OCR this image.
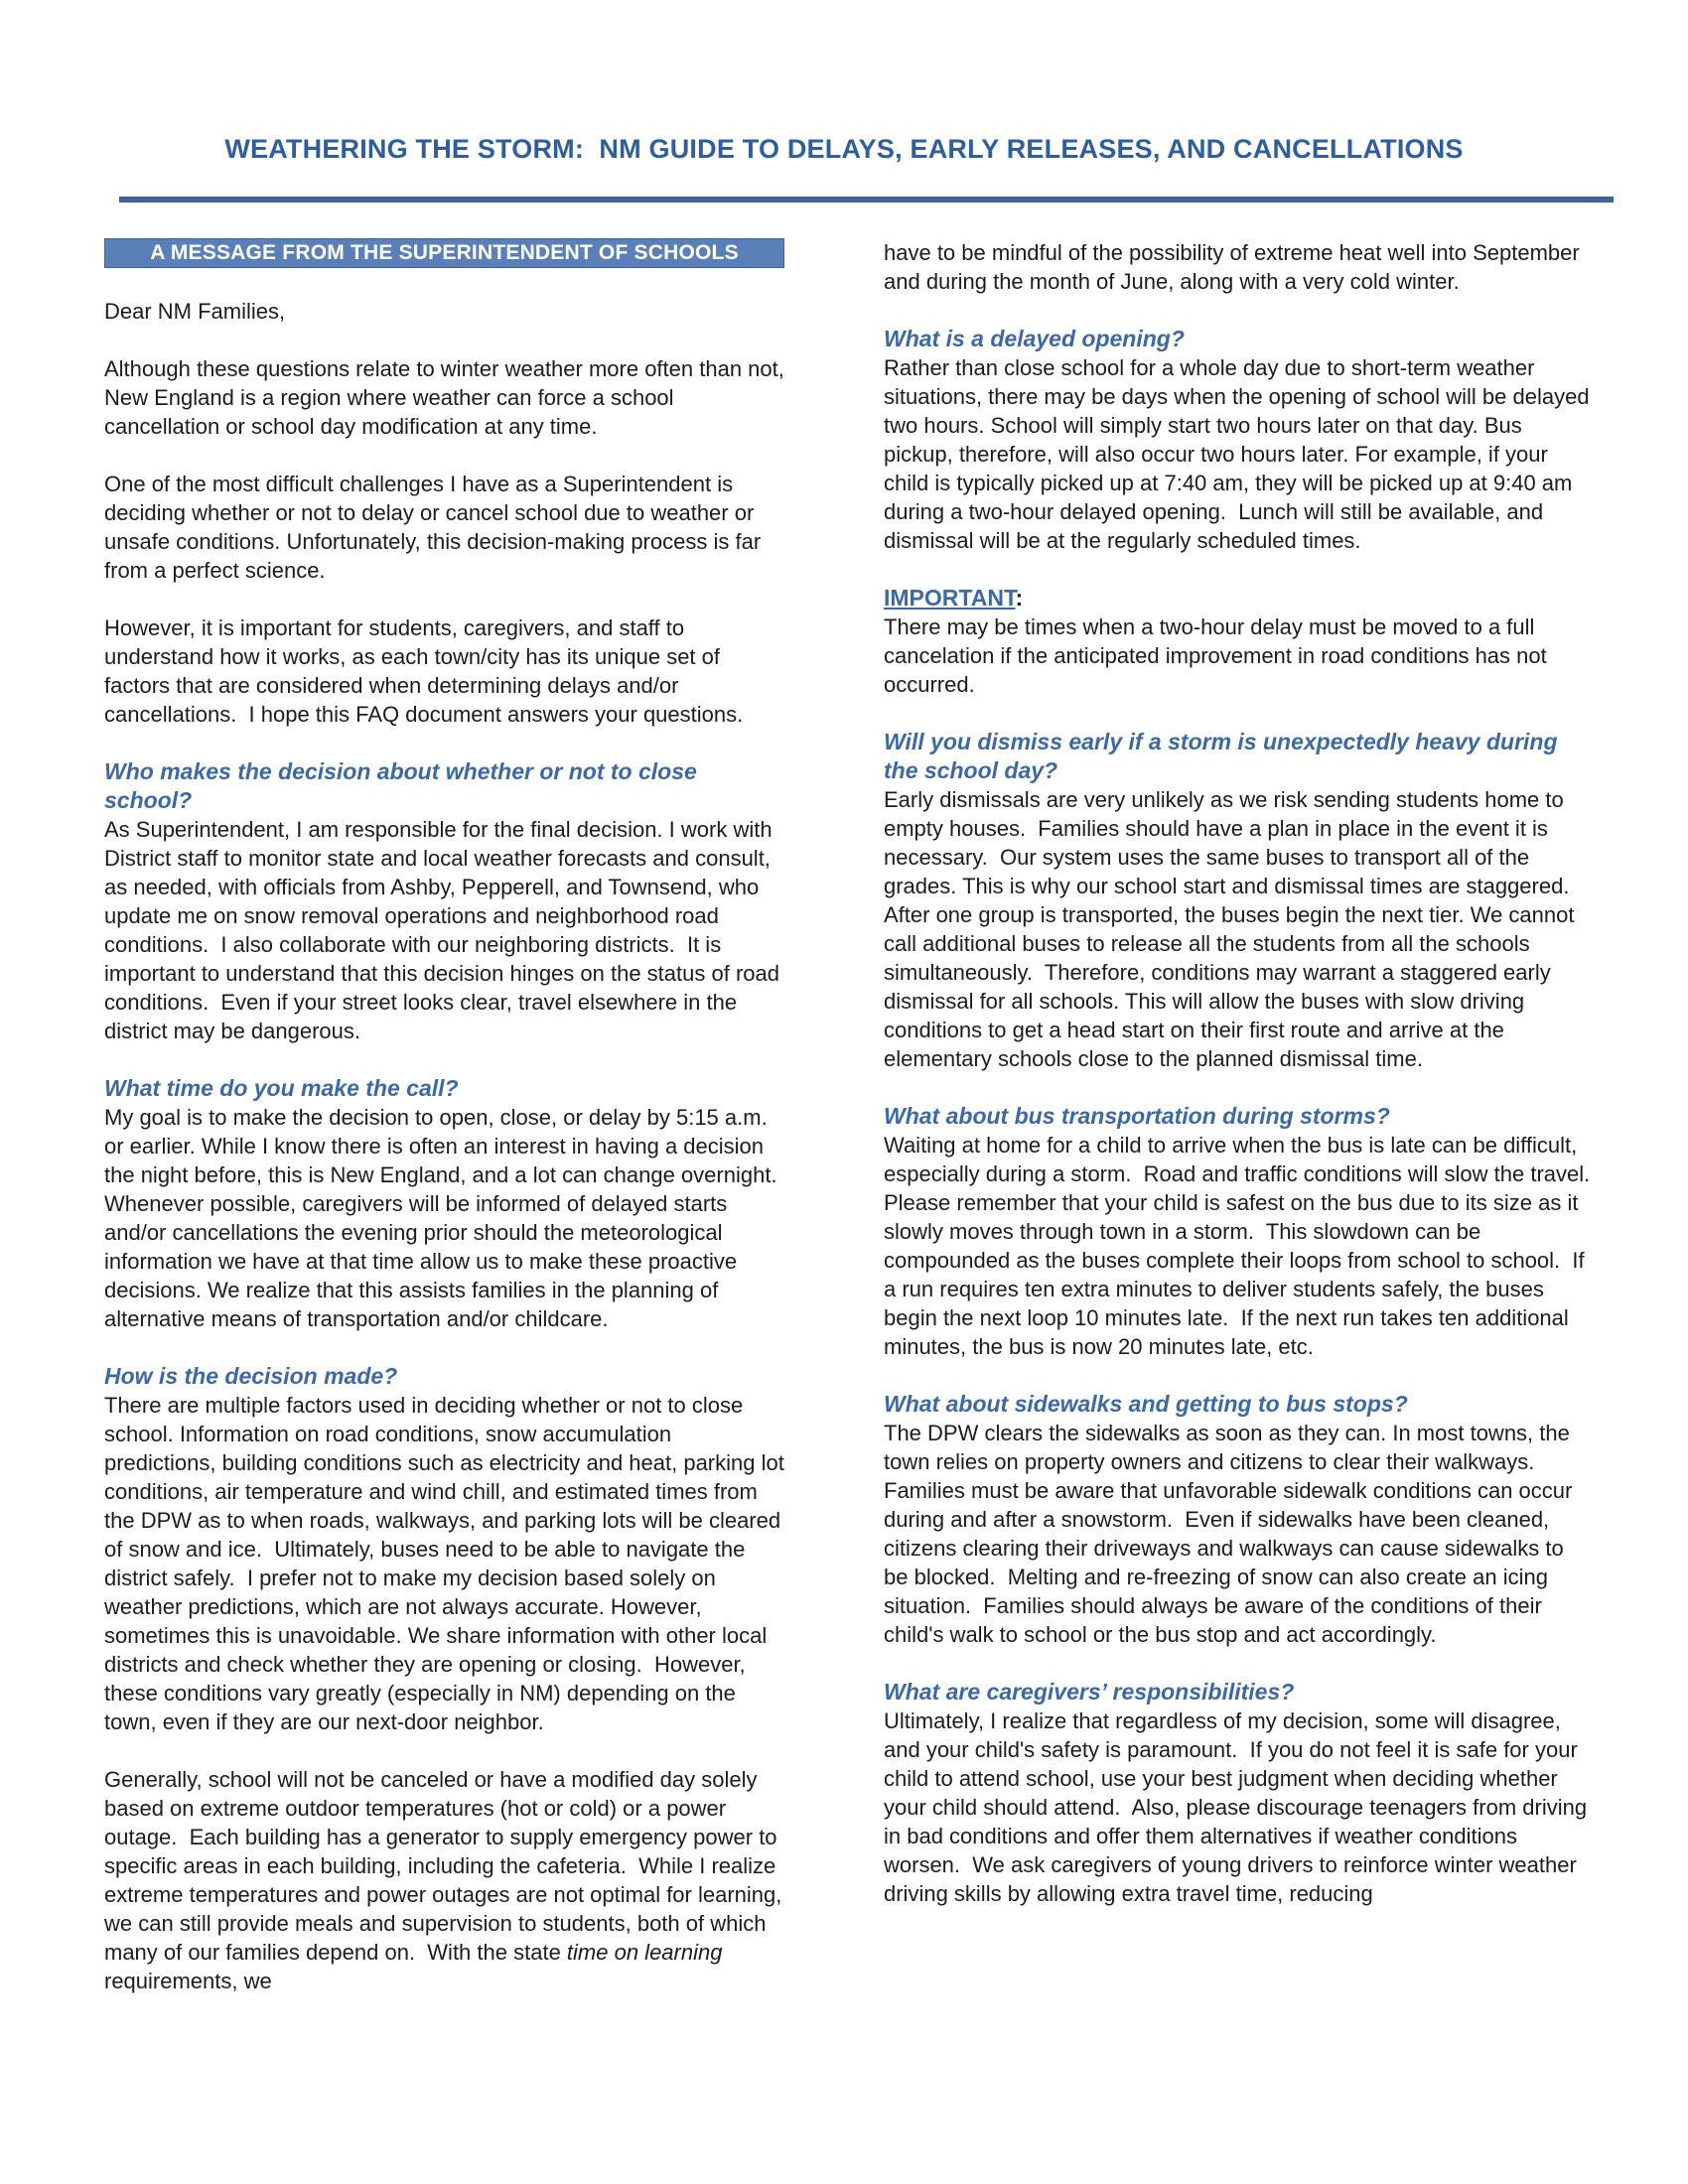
WEATHERING THE STORM:  NM GUIDE TO DELAYS, EARLY RELEASES, AND CANCELLATIONS
A MESSAGE FROM THE SUPERINTENDENT OF SCHOOLS

Dear NM Families,

Although these questions relate to winter weather more often than not, New England is a region where weather can force a school cancellation or school day modification at any time.

One of the most difficult challenges I have as a Superintendent is deciding whether or not to delay or cancel school due to weather or unsafe conditions. Unfortunately, this decision-making process is far from a perfect science.

However, it is important for students, caregivers, and staff to understand how it works, as each town/city has its unique set of factors that are considered when determining delays and/or cancellations.  I hope this FAQ document answers your questions.

Who makes the decision about whether or not to close school?

As Superintendent, I am responsible for the final decision. I work with District staff to monitor state and local weather forecasts and consult, as needed, with officials from Ashby, Pepperell, and Townsend, who update me on snow removal operations and neighborhood road conditions.  I also collaborate with our neighboring districts.  It is important to understand that this decision hinges on the status of road conditions.  Even if your street looks clear, travel elsewhere in the district may be dangerous.

What time do you make the call?

My goal is to make the decision to open, close, or delay by 5:15 a.m. or earlier. While I know there is often an interest in having a decision the night before, this is New England, and a lot can change overnight.  Whenever possible, caregivers will be informed of delayed starts and/or cancellations the evening prior should the meteorological information we have at that time allow us to make these proactive decisions. We realize that this assists families in the planning of alternative means of transportation and/or childcare.

How is the decision made?

There are multiple factors used in deciding whether or not to close school. Information on road conditions, snow accumulation predictions, building conditions such as electricity and heat, parking lot conditions, air temperature and wind chill, and estimated times from the DPW as to when roads, walkways, and parking lots will be cleared of snow and ice.  Ultimately, buses need to be able to navigate the district safely.  I prefer not to make my decision based solely on weather predictions, which are not always accurate. However, sometimes this is unavoidable. We share information with other local districts and check whether they are opening or closing.  However, these conditions vary greatly (especially in NM) depending on the town, even if they are our next-door neighbor.

Generally, school will not be canceled or have a modified day solely based on extreme outdoor temperatures (hot or cold) or a power outage.  Each building has a generator to supply emergency power to specific areas in each building, including the cafeteria.  While I realize extreme temperatures and power outages are not optimal for learning, we can still provide meals and supervision to students, both of which many of our families depend on.  With the state time on learning requirements, we

have to be mindful of the possibility of extreme heat well into September and during the month of June, along with a very cold winter.

What is a delayed opening?

Rather than close school for a whole day due to short-term weather situations, there may be days when the opening of school will be delayed two hours. School will simply start two hours later on that day. Bus pickup, therefore, will also occur two hours later. For example, if your child is typically picked up at 7:40 am, they will be picked up at 9:40 am during a two-hour delayed opening.  Lunch will still be available, and dismissal will be at the regularly scheduled times.

IMPORTANT:

There may be times when a two-hour delay must be moved to a full cancelation if the anticipated improvement in road conditions has not occurred.

Will you dismiss early if a storm is unexpectedly heavy during the school day?

Early dismissals are very unlikely as we risk sending students home to empty houses.  Families should have a plan in place in the event it is necessary.  Our system uses the same buses to transport all of the grades. This is why our school start and dismissal times are staggered. After one group is transported, the buses begin the next tier. We cannot call additional buses to release all the students from all the schools simultaneously.  Therefore, conditions may warrant a staggered early dismissal for all schools. This will allow the buses with slow driving conditions to get a head start on their first route and arrive at the elementary schools close to the planned dismissal time.

What about bus transportation during storms?

Waiting at home for a child to arrive when the bus is late can be difficult, especially during a storm.  Road and traffic conditions will slow the travel. Please remember that your child is safest on the bus due to its size as it slowly moves through town in a storm.  This slowdown can be compounded as the buses complete their loops from school to school.  If a run requires ten extra minutes to deliver students safely, the buses begin the next loop 10 minutes late.  If the next run takes ten additional minutes, the bus is now 20 minutes late, etc.

What about sidewalks and getting to bus stops?

The DPW clears the sidewalks as soon as they can. In most towns, the town relies on property owners and citizens to clear their walkways.  Families must be aware that unfavorable sidewalk conditions can occur during and after a snowstorm.  Even if sidewalks have been cleaned, citizens clearing their driveways and walkways can cause sidewalks to be blocked.  Melting and re-freezing of snow can also create an icing situation.  Families should always be aware of the conditions of their child's walk to school or the bus stop and act accordingly.

What are caregivers’ responsibilities?

Ultimately, I realize that regardless of my decision, some will disagree, and your child's safety is paramount.  If you do not feel it is safe for your child to attend school, use your best judgment when deciding whether your child should attend.  Also, please discourage teenagers from driving in bad conditions and offer them alternatives if weather conditions worsen.  We ask caregivers of young drivers to reinforce winter weather driving skills by allowing extra travel time, reducing
